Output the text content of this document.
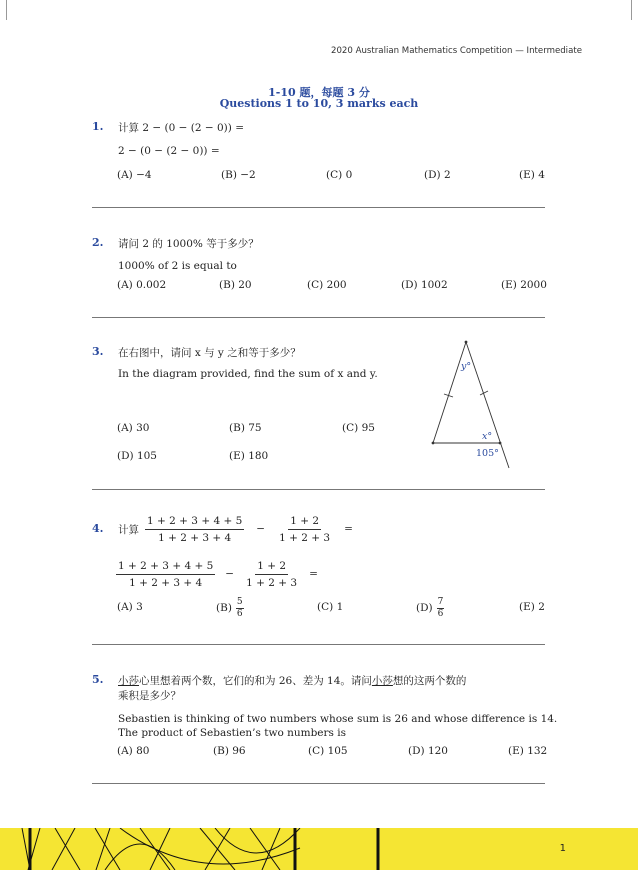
2020 Australian Mathematics Competition — Intermediate
1-10 题，每题 3 分
Questions 1 to 10, 3 marks each
1. 计算 2 − (0 − (2 − 0)) =
2 − (0 − (2 − 0)) =
(A) −4	(B) −2	(C) 0	(D) 2	(E) 4
2. 请问 2 的 1000% 等于多少？
1000% of 2 is equal to
(A) 0.002	(B) 20	(C) 200	(D) 1002	(E) 2000
3. 在右图中，请问 x 与 y 之和等于多少？
In the diagram provided, find the sum of x and y.
(A) 30	(B) 75	(C) 95
(D) 105	(E) 180
y°
x°
105°
4. 计算 $\frac{1 + 2 + 3 + 4 + 5}{1 + 2 + 3 + 4} - \frac{1 + 2}{1 + 2 + 3}$ =
$\frac{1 + 2 + 3 + 4 + 5}{1 + 2 + 3 + 4} - \frac{1 + 2}{1 + 2 + 3}$ =
(A) 3	$(B) \frac{5}{6}$	(C) 1	$(D) \frac{7}{6}$	(E) 2
5. 小莎心里想着两个数，它们的和为 26、差为 14。请问小莎想的这两个数的
乘积是多少？
Sebastien is thinking of two numbers whose sum is 26 and whose difference is 14.
The product of Sebastien’s two numbers is
(A) 80	(B) 96	(C) 105	(D) 120	(E) 132
1
